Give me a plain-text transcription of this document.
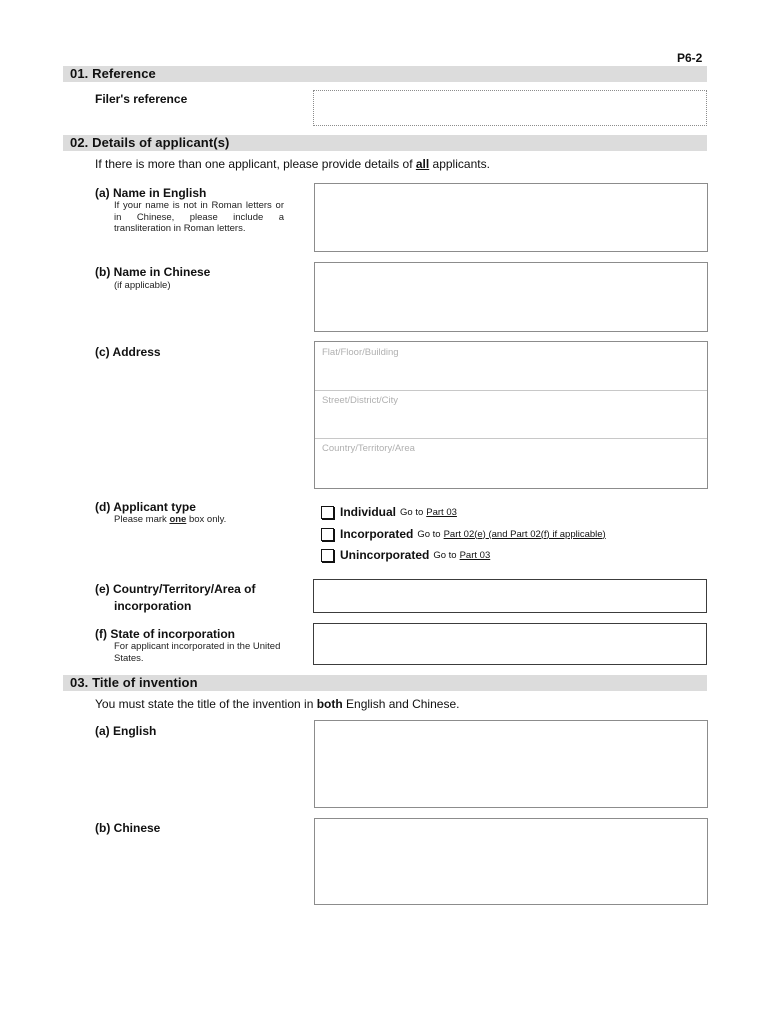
P6-2
01. Reference
Filer's reference
02. Details of applicant(s)
If there is more than one applicant, please provide details of all applicants.
(a) Name in English
If your name is not in Roman letters or in Chinese, please include a transliteration in Roman letters.
(b) Name in Chinese
(if applicable)
(c) Address	Flat/Floor/Building
Street/District/City
Country/Territory/Area
(d) Applicant type
Please mark one box only.
Individual Go to Part 03
Incorporated Go to Part 02(e) (and Part 02(f) if applicable)
Unincorporated Go to Part 03
(e) Country/Territory/Area of
incorporation
(f) State of incorporation
For applicant incorporated in the United States.
03. Title of invention
You must state the title of the invention in both English and Chinese.
(a) English
(b) Chinese
